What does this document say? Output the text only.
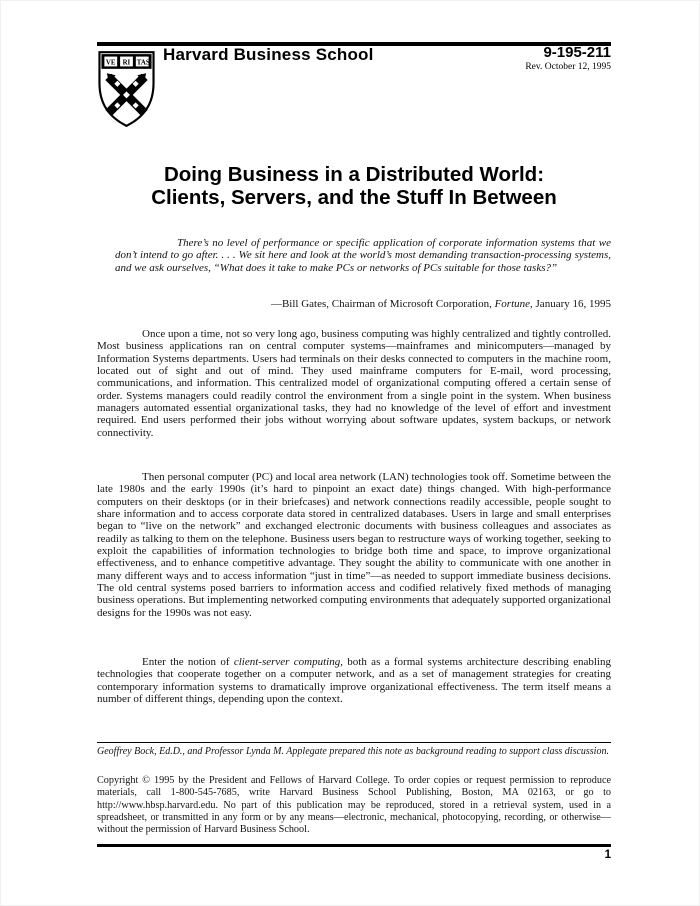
VE RI TAS Harvard Business School	9-195-211
Rev. October 12, 1995
Doing Business in a Distributed World:
Clients, Servers, and the Stuff In Between

There’s no level of performance or specific application of corporate information systems that we don’t intend to go after. . . . We sit here and look at the world’s most demanding transaction-processing systems, and we ask ourselves, “What does it take to make PCs or networks of PCs suitable for those tasks?”

—Bill Gates, Chairman of Microsoft Corporation, Fortune, January 16, 1995

Once upon a time, not so very long ago, business computing was highly centralized and tightly controlled. Most business applications ran on central computer systems—mainframes and minicomputers—managed by Information Systems departments. Users had terminals on their desks connected to computers in the machine room, located out of sight and out of mind. They used mainframe computers for E-mail, word processing, communications, and information. This centralized model of organizational computing offered a certain sense of order. Systems managers could readily control the environment from a single point in the system. When business managers automated essential organizational tasks, they had no knowledge of the level of effort and investment required. End users performed their jobs without worrying about software updates, system backups, or network connectivity.

Then personal computer (PC) and local area network (LAN) technologies took off. Sometime between the late 1980s and the early 1990s (it’s hard to pinpoint an exact date) things changed. With high-performance computers on their desktops (or in their briefcases) and network connections readily accessible, people sought to share information and to access corporate data stored in centralized databases. Users in large and small enterprises began to “live on the network” and exchanged electronic documents with business colleagues and associates as readily as talking to them on the telephone. Business users began to restructure ways of working together, seeking to exploit the capabilities of information technologies to bridge both time and space, to improve organizational effectiveness, and to enhance competitive advantage. They sought the ability to communicate with one another in many different ways and to access information “just in time”—as needed to support immediate business decisions. The old central systems posed barriers to information access and codified relatively fixed methods of managing business operations. But implementing networked computing environments that adequately supported organizational designs for the 1990s was not easy.

Enter the notion of client-server computing, both as a formal systems architecture describing enabling technologies that cooperate together on a computer network, and as a set of management strategies for creating contemporary information systems to dramatically improve organizational effectiveness. The term itself means a number of different things, depending upon the context.

Geoffrey Bock, Ed.D., and Professor Lynda M. Applegate prepared this note as background reading to support class discussion.

Copyright © 1995 by the President and Fellows of Harvard College. To order copies or request permission to reproduce materials, call 1-800-545-7685, write Harvard Business School Publishing, Boston, MA 02163, or go to http://www.hbsp.harvard.edu. No part of this publication may be reproduced, stored in a retrieval system, used in a spreadsheet, or transmitted in any form or by any means—electronic, mechanical, photocopying, recording, or otherwise—without the permission of Harvard Business School.

1
